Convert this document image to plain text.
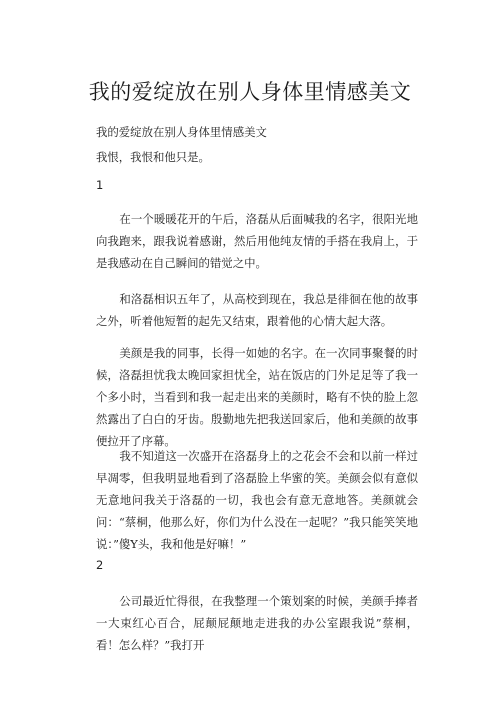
我的爱绽放在别人身体里情感美文
我的爱绽放在别人身体里情感美文
我恨，我恨和他只是。
1

在一个暖暖花开的午后，洛磊从后面喊我的名字，很阳光地向我跑来，跟我说着感谢，然后用他纯友情的手搭在我肩上，于是我感动在自己瞬间的错觉之中。

和洛磊相识五年了，从高校到现在，我总是徘徊在他的故事之外，听着他短暂的起先又结束，跟着他的心情大起大落。

美颜是我的同事，长得一如她的名字。在一次同事聚餐的时候，洛磊担忧我太晚回家担忧全，站在饭店的门外足足等了我一个多小时，当看到和我一起走出来的美颜时，略有不快的脸上忽然露出了白白的牙齿。殷勤地先把我送回家后，他和美颜的故事便拉开了序幕。

我不知道这一次盛开在洛磊身上的之花会不会和以前一样过早凋零，但我明显地看到了洛磊脸上华蜜的笑。美颜会似有意似无意地问我关于洛磊的一切，我也会有意无意地答。美颜就会问：“蔡桐，他那么好，你们为什么没在一起呢？”我只能笑笑地说：”傻Y头，我和他是好嘛！”

2

公司最近忙得很，在我整理一个策划案的时候，美颜手捧者一大束红心百合，屁颠屁颠地走进我的办公室跟我说”蔡桐，看！怎么样？”我打开
